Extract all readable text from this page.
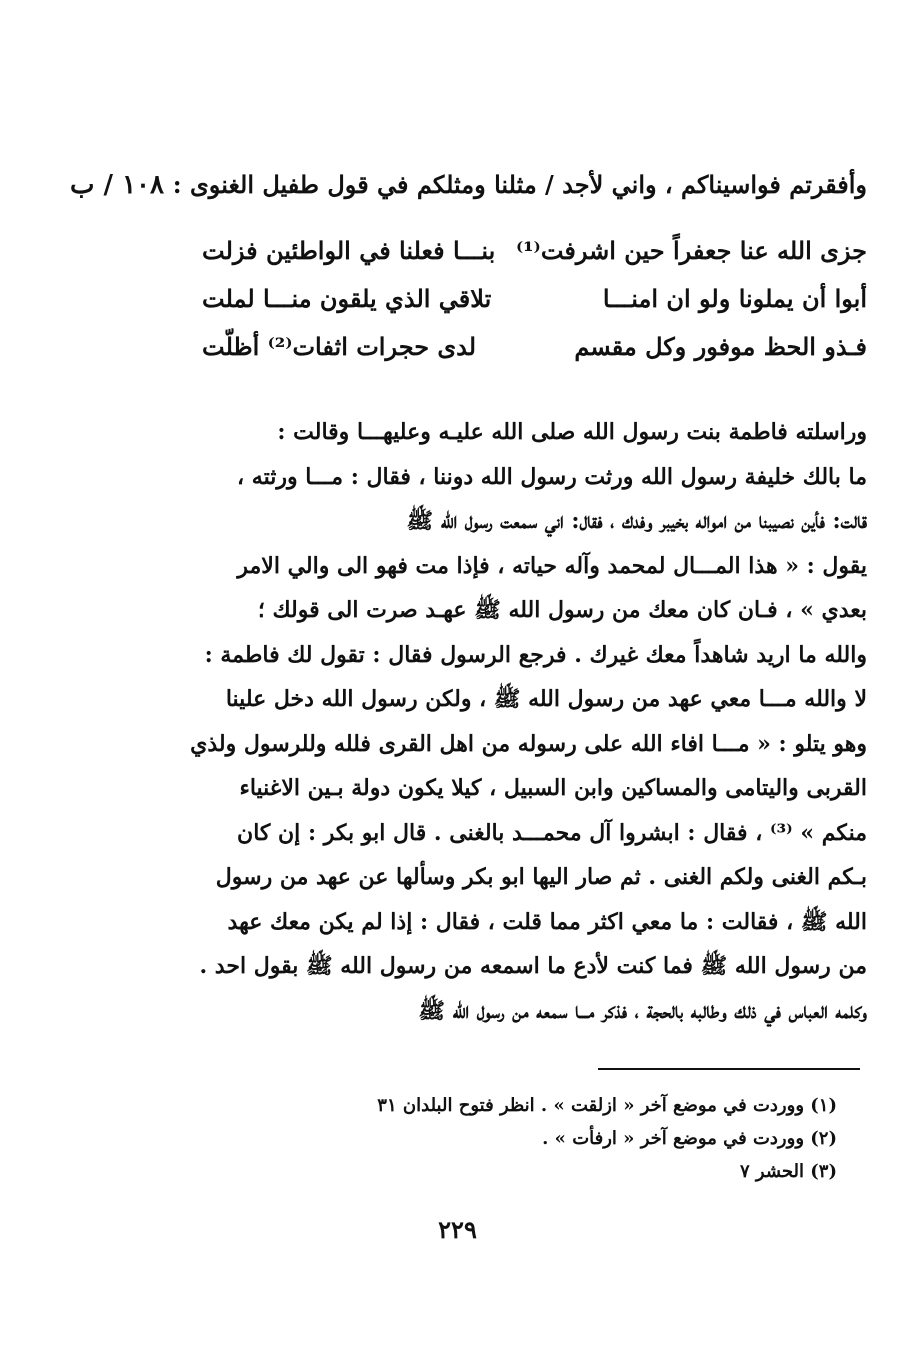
١٠٨ / ب وأفقرتم فواسيناكم ، واني لأجد / مثلنا ومثلكم في قول طفيل الغنوى :
جزى الله عنا جعفراً حين اشرفت⁽¹⁾
بنـــا فعلنا في الواطئين فزلت
أبوا أن يملونا ولو ان امنـــا
تلاقي الذي يلقون منـــا لملت
فـذو الحظ موفور وكل مقسم
لدى حجرات اثفات⁽²⁾ أظلّت
وراسلته فاطمة بنت رسول الله صلى الله عليـه وعليهـــا وقالت :
ما بالك خليفة رسول الله ورثت رسول الله دوننا ، فقال : مـــا ورثته ،
قالت: فأين نصيبنا من امواله بخيبر وفدك ، فقال: اني سمعت رسول الله ﷺ
يقول : « هذا المـــال لمحمد وآله حياته ، فإذا مت فهو الى والي الامر
بعدي » ، فـان كان معك من رسول الله ﷺ عهـد صرت الى قولك ؛
والله ما اريد شاهداً معك غيرك . فرجع الرسول فقال : تقول لك فاطمة :
لا والله مـــا معي عهد من رسول الله ﷺ ، ولكن رسول الله دخل علينا
وهو يتلو : « مـــا افاء الله على رسوله من اهل القرى فلله وللرسول ولذي
القربى واليتامى والمساكين وابن السبيل ، كيلا يكون دولة بـين الاغنياء
منكم » ⁽³⁾ ، فقال : ابشروا آل محمـــد بالغنى . قال ابو بكر : إن كان
بـكم الغنى ولكم الغنى . ثم صار اليها ابو بكر وسألها عن عهد من رسول
الله ﷺ ، فقالت : ما معي اكثر مما قلت ، فقال : إذا لم يكن معك عهد
من رسول الله ﷺ فما كنت لأدع ما اسمعه من رسول الله ﷺ بقول احد .
وكلمه العباس في ذلك وطالبه بالحجة ، فذكر مـــا سمعه من رسول الله ﷺ
(١) ووردت في موضع آخر « ازلقت » . انظر فتوح البلدان ٣١
(٢) ووردت في موضع آخر « ارفأت » .
(٣) الحشر ٧
٢٢٩
